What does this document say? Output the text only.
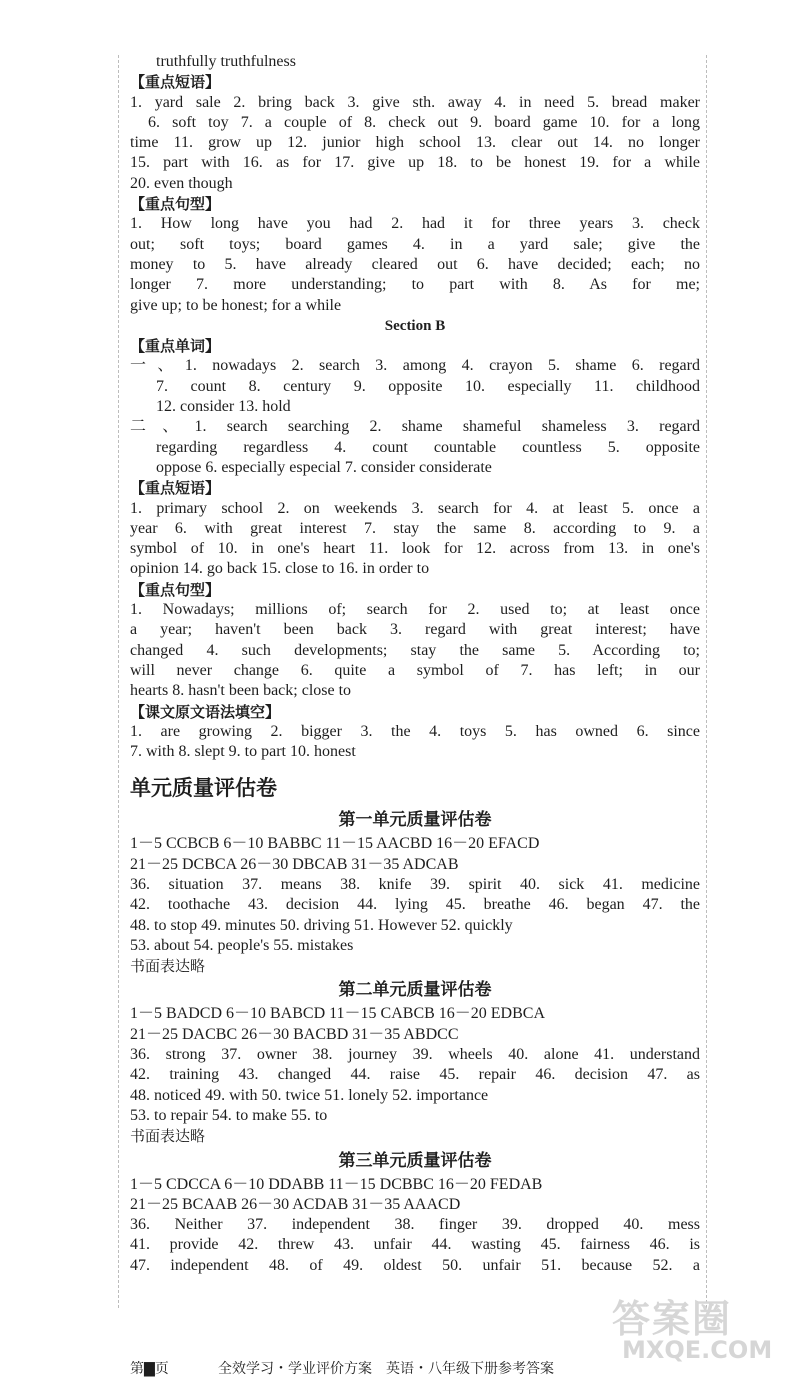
truthfully truthfulness
【重点短语】
1. yard sale 2. bring back 3. give sth. away 4. in need 5. bread maker
6. soft toy 7. a couple of 8. check out 9. board game 10. for a long
time 11. grow up 12. junior high school 13. clear out 14. no longer
15. part with 16. as for 17. give up 18. to be honest 19. for a while
20. even though
【重点句型】
1. How long have you had 2. had it for three years 3. check
out; soft toys; board games 4. in a yard sale; give the
money to 5. have already cleared out 6. have decided; each; no
longer 7. more understanding; to part with 8. As for me;
give up; to be honest; for a while
Section B
【重点单词】
一、1. nowadays 2. search 3. among 4. crayon 5. shame 6. regard
7. count 8. century 9. opposite 10. especially 11. childhood
12. consider 13. hold
二、1. search searching 2. shame shameful shameless 3. regard
regarding regardless 4. count countable countless 5. opposite
oppose 6. especially especial 7. consider considerate
【重点短语】
1. primary school 2. on weekends 3. search for 4. at least 5. once a
year 6. with great interest 7. stay the same 8. according to 9. a
symbol of 10. in one's heart 11. look for 12. across from 13. in one's
opinion 14. go back 15. close to 16. in order to
【重点句型】
1. Nowadays; millions of; search for 2. used to; at least once
a year; haven't been back 3. regard with great interest; have
changed 4. such developments; stay the same 5. According to;
will never change 6. quite a symbol of 7. has left; in our
hearts 8. hasn't been back; close to
【课文原文语法填空】
1. are growing 2. bigger 3. the 4. toys 5. has owned 6. since
7. with 8. slept 9. to part 10. honest
单元质量评估卷
第一单元质量评估卷
1－5 CCBCB 6－10 BABBC 11－15 AACBD 16－20 EFACD
21－25 DCBCA 26－30 DBCAB 31－35 ADCAB
36. situation 37. means 38. knife 39. spirit 40. sick 41. medicine
42. toothache 43. decision 44. lying 45. breathe 46. began 47. the
48. to stop 49. minutes 50. driving 51. However 52. quickly
53. about 54. people's 55. mistakes
书面表达略
第二单元质量评估卷
1－5 BADCD 6－10 BABCD 11－15 CABCB 16－20 EDBCA
21－25 DACBC 26－30 BACBD 31－35 ABDCC
36. strong 37. owner 38. journey 39. wheels 40. alone 41. understand
42. training 43. changed 44. raise 45. repair 46. decision 47. as
48. noticed 49. with 50. twice 51. lonely 52. importance
53. to repair 54. to make 55. to
书面表达略
第三单元质量评估卷
1－5 CDCCA 6－10 DDABB 11－15 DCBBC 16－20 FEDAB
21－25 BCAAB 26－30 ACDAB 31－35 AAACD
36. Neither 37. independent 38. finger 39. dropped 40. mess
41. provide 42. threw 43. unfair 44. wasting 45. fairness 46. is
47. independent 48. of 49. oldest 50. unfair 51. because 52. a
第▇页	全效学习・学业评价方案　英语・八年级下册参考答案
答案圈
MXQE.COM
